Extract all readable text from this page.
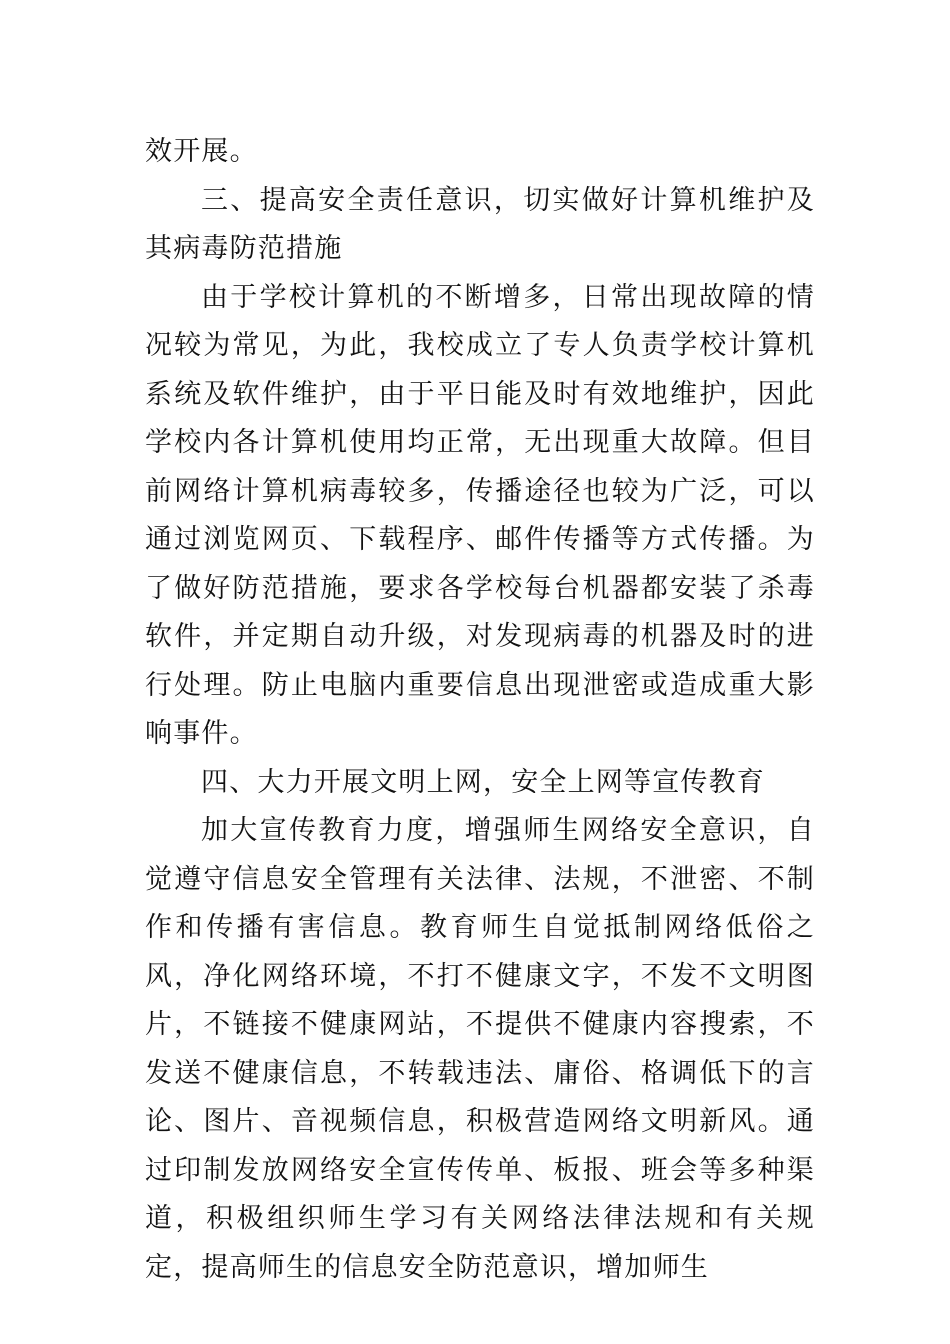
效开展。

三、提高安全责任意识，切实做好计算机维护及其病毒防范措施

由于学校计算机的不断增多，日常出现故障的情况较为常见，为此，我校成立了专人负责学校计算机系统及软件维护，由于平日能及时有效地维护，因此学校内各计算机使用均正常，无出现重大故障。但目前网络计算机病毒较多，传播途径也较为广泛，可以通过浏览网页、下载程序、邮件传播等方式传播。为了做好防范措施，要求各学校每台机器都安装了杀毒软件，并定期自动升级，对发现病毒的机器及时的进行处理。防止电脑内重要信息出现泄密或造成重大影响事件。

四、大力开展文明上网，安全上网等宣传教育

加大宣传教育力度，增强师生网络安全意识，自觉遵守信息安全管理有关法律、法规，不泄密、不制作和传播有害信息。教育师生自觉抵制网络低俗之风，净化网络环境，不打不健康文字，不发不文明图片，不链接不健康网站，不提供不健康内容搜索，不发送不健康信息，不转载违法、庸俗、格调低下的言论、图片、音视频信息，积极营造网络文明新风。通过印制发放网络安全宣传传单、板报、班会等多种渠道，积极组织师生学习有关网络法律法规和有关规定，提高师生的信息安全防范意识，增加师生
